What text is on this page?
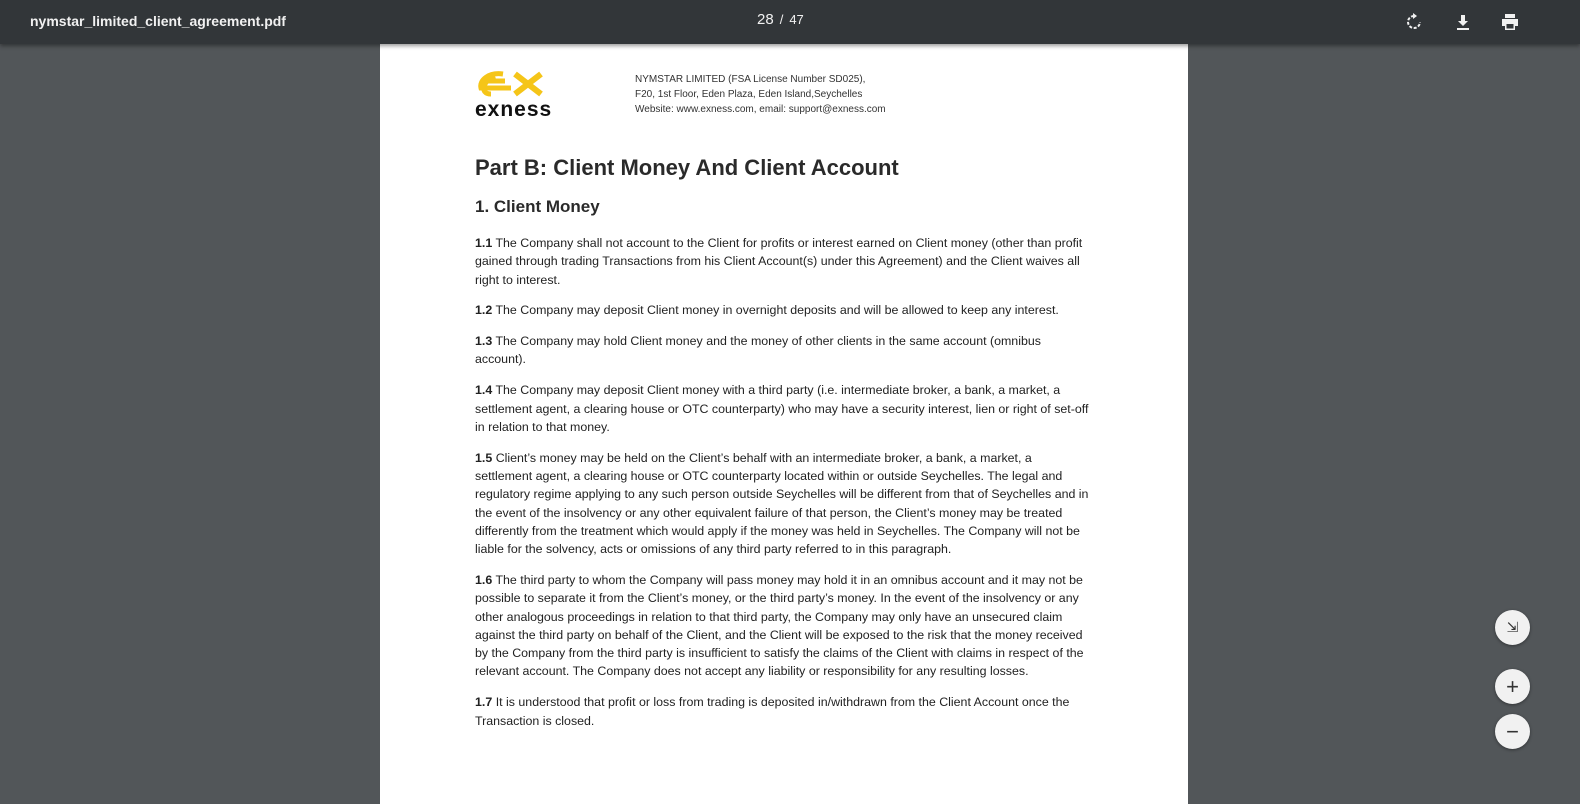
nymstar_limited_client_agreement.pdf	28 / 47
exness
NYMSTAR LIMITED (FSA License Number SD025),
F20, 1st Floor, Eden Plaza, Eden Island,Seychelles
Website: www.exness.com, email: support@exness.com
Part B: Client Money And Client Account
1. Client Money

1.1 The Company shall not account to the Client for profits or interest earned on Client money (other than profit gained through trading Transactions from his Client Account(s) under this Agreement) and the Client waives all right to interest.

1.2 The Company may deposit Client money in overnight deposits and will be allowed to keep any interest.

1.3 The Company may hold Client money and the money of other clients in the same account (omnibus account).

1.4 The Company may deposit Client money with a third party (i.e. intermediate broker, a bank, a market, a settlement agent, a clearing house or OTC counterparty) who may have a security interest, lien or right of set-off in relation to that money.

1.5 Client’s money may be held on the Client’s behalf with an intermediate broker, a bank, a market, a settlement agent, a clearing house or OTC counterparty located within or outside Seychelles. The legal and regulatory regime applying to any such person outside Seychelles will be different from that of Seychelles and in the event of the insolvency or any other equivalent failure of that person, the Client’s money may be treated differently from the treatment which would apply if the money was held in Seychelles. The Company will not be liable for the solvency, acts or omissions of any third party referred to in this paragraph.

1.6 The third party to whom the Company will pass money may hold it in an omnibus account and it may not be possible to separate it from the Client’s money, or the third party’s money. In the event of the insolvency or any other analogous proceedings in relation to that third party, the Company may only have an unsecured claim against the third party on behalf of the Client, and the Client will be exposed to the risk that the money received by the Company from the third party is insufficient to satisfy the claims of the Client with claims in respect of the relevant account. The Company does not accept any liability or responsibility for any resulting losses.

1.7 It is understood that profit or loss from trading is deposited in/withdrawn from the Client Account once the Transaction is closed.

⇲
+
−
